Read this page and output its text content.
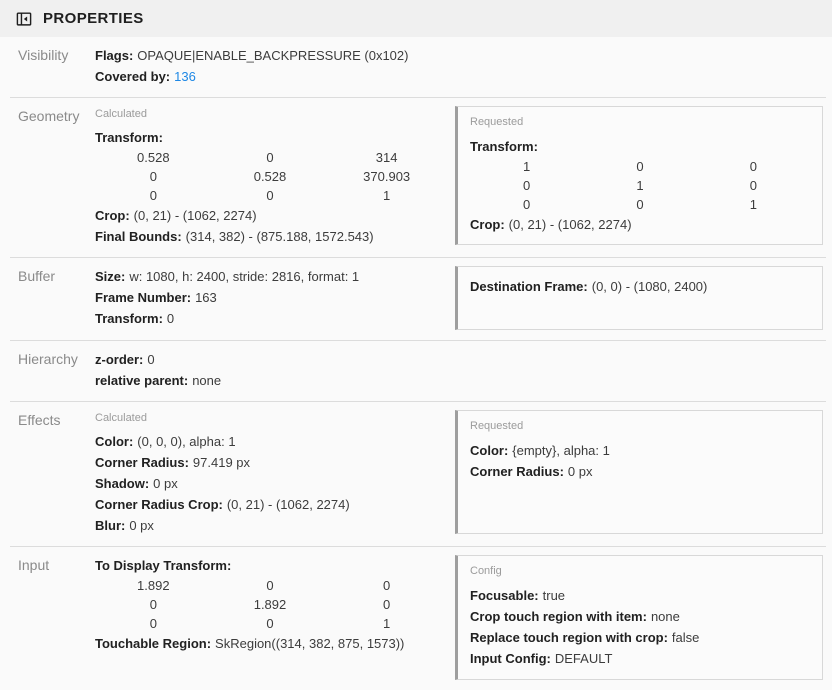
PROPERTIES
Visibility	Flags: OPAQUE|ENABLE_BACKPRESSURE (0x102)
Covered by: 136
Geometry	Calculated
Transform:
0.528	0	314
0	0.528	370.903
0	0	1
Crop: (0, 21) - (1062, 2274)
Final Bounds: (314, 382) - (875.188, 1572.543)
Requested
Transform:
1	0	0
0	1	0
0	0	1
Crop: (0, 21) - (1062, 2274)
Buffer	Size: w: 1080, h: 2400, stride: 2816, format: 1
Frame Number: 163
Transform: 0
Destination Frame: (0, 0) - (1080, 2400)
Hierarchy	z-order: 0
relative parent: none
Effects	Calculated
Color: (0, 0, 0), alpha: 1
Corner Radius: 97.419 px
Shadow: 0 px
Corner Radius Crop: (0, 21) - (1062, 2274)
Blur: 0 px
Requested
Color: {empty}, alpha: 1
Corner Radius: 0 px
Input	To Display Transform:
1.892	0	0
0	1.892	0
0	0	1
Touchable Region: SkRegion((314, 382, 875, 1573))
Config
Focusable: true
Crop touch region with item: none
Replace touch region with crop: false
Input Config: DEFAULT
